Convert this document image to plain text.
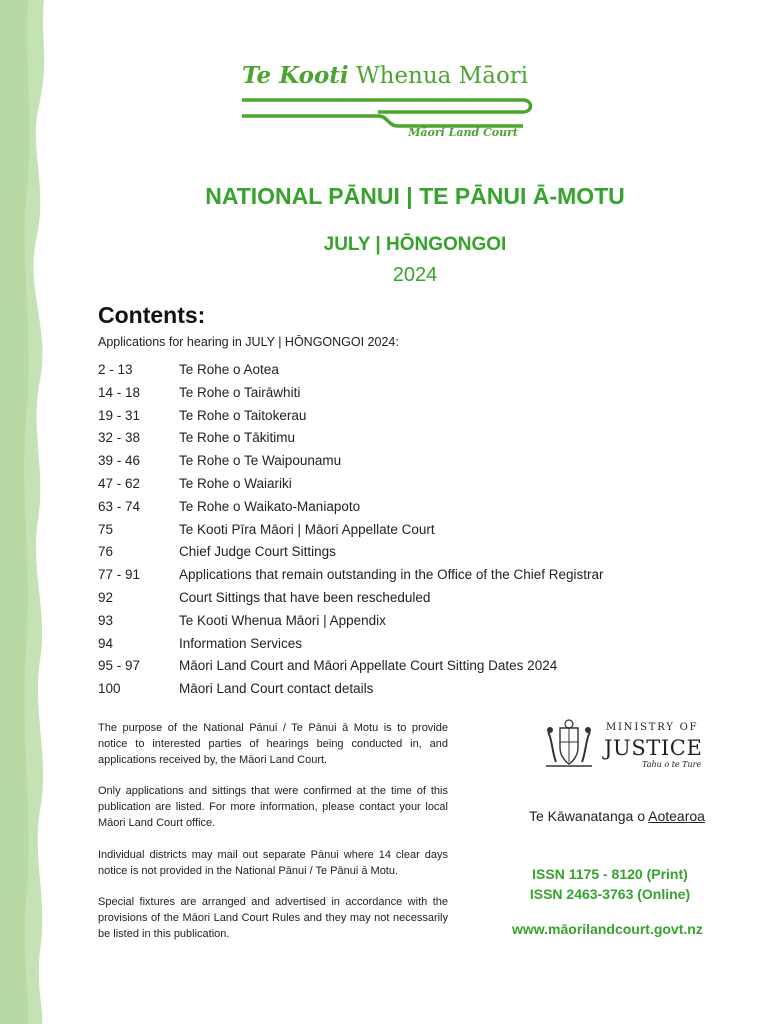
Te Kooti Whenua Māori
Māori Land Court
NATIONAL PĀNUI | TE PĀNUI Ā-MOTU
JULY | HŌNGONGOI
2024
Contents:
Applications for hearing in JULY | HŌNGONGOI 2024:
2 - 13	Te Rohe o Aotea
14 - 18	Te Rohe o Tairāwhiti
19 - 31	Te Rohe o Taitokerau
32 - 38	Te Rohe o Tākitimu
39 - 46	Te Rohe o Te Waipounamu
47 - 62	Te Rohe o Waiariki
63 - 74	Te Rohe o Waikato-Maniapoto
75	Te Kooti Pīra Māori | Māori Appellate Court
76	Chief Judge Court Sittings
77 - 91	Applications that remain outstanding in the Office of the Chief Registrar
92	Court Sittings that have been rescheduled
93	Te Kooti Whenua Māori | Appendix
94	Information Services
95 - 97	Māori Land Court and Māori Appellate Court Sitting Dates 2024
100	Māori Land Court contact details

The purpose of the National Pānui / Te Pānui ā Motu is to provide notice to interested parties of hearings being conducted in, and applications received by, the Māori Land Court.

Only applications and sittings that were confirmed at the time of this publication are listed. For more information, please contact your local Māori Land Court office.

Individual districts may mail out separate Pānui where 14 clear days notice is not provided in the National Pānui / Te Pānui ā Motu.

Special fixtures are arranged and advertised in accordance with the provisions of the Māori Land Court Rules and they may not necessarily be listed in this publication.

MINISTRY OF
JUSTICE
Tahu o te Ture
Te Kāwanatanga o Aotearoa
ISSN 1175 - 8120 (Print)
ISSN 2463-3763 (Online)
www.māorilandcourt.govt.nz
